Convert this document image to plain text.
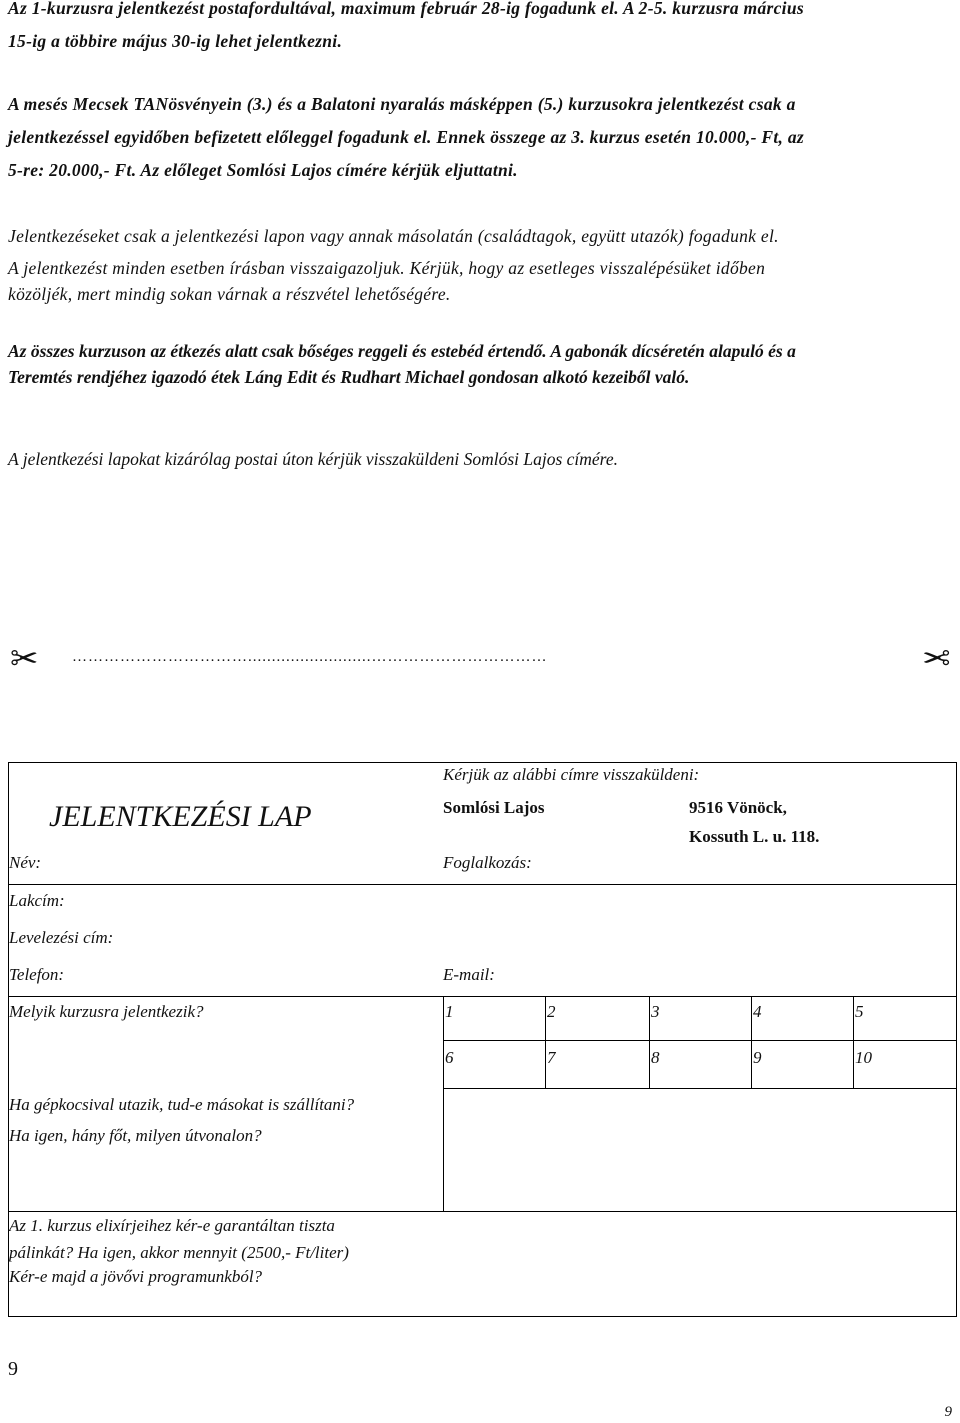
Az 1-kurzusra jelentkezést postafordultával, maximum február 28-ig fogadunk el. A 2-5. kurzusra március

15-ig a többire május 30-ig lehet jelentkezni.

A mesés Mecsek TANösvényein (3.) és a Balatoni nyaralás másképpen (5.) kurzusokra jelentkezést csak a

jelentkezéssel egyidőben befizetett előleggel fogadunk el. Ennek összege az 3. kurzus esetén 10.000,- Ft, az

5-re: 20.000,- Ft. Az előleget Somlósi Lajos címére kérjük eljuttatni.

Jelentkezéseket csak a jelentkezési lapon vagy annak másolatán (családtagok, együtt utazók) fogadunk el.

A jelentkezést minden esetben írásban visszaigazoljuk. Kérjük, hogy az esetleges visszalépésüket időben

közöljék, mert mindig sokan várnak a részvétel lehetőségére.

Az összes kurzuson az étkezés alatt csak bőséges reggeli és estebéd értendő. A gabonák dícséretén alapuló és a

Teremtés rendjéhez igazodó étek Láng Edit és Rudhart Michael gondosan alkotó kezeiből való.

A jelentkezési lapokat kizárólag postai úton kérjük visszaküldeni Somlósi Lajos címére.

✂ ……………………………..........................……………………………	✂
JELENTKEZÉSI LAP
Kérjük az alábbi címre visszaküldeni:
Somlósi Lajos	9516 Vönöck,
Kossuth L. u. 118.
Név:	Foglalkozás:
Lakcím:
Levelezési cím:
Telefon:	E-mail:
Melyik kurzusra jelentkezik?	1	2	3	4	5
6	7	8	9	10
Ha gépkocsival utazik, tud-e másokat is szállítani?
Ha igen, hány főt, milyen útvonalon?
Az 1. kurzus elixírjeihez kér-e garantáltan tiszta
pálinkát? Ha igen, akkor mennyit (2500,- Ft/liter)
Kér-e majd a jövővi programunkból?
9
9
